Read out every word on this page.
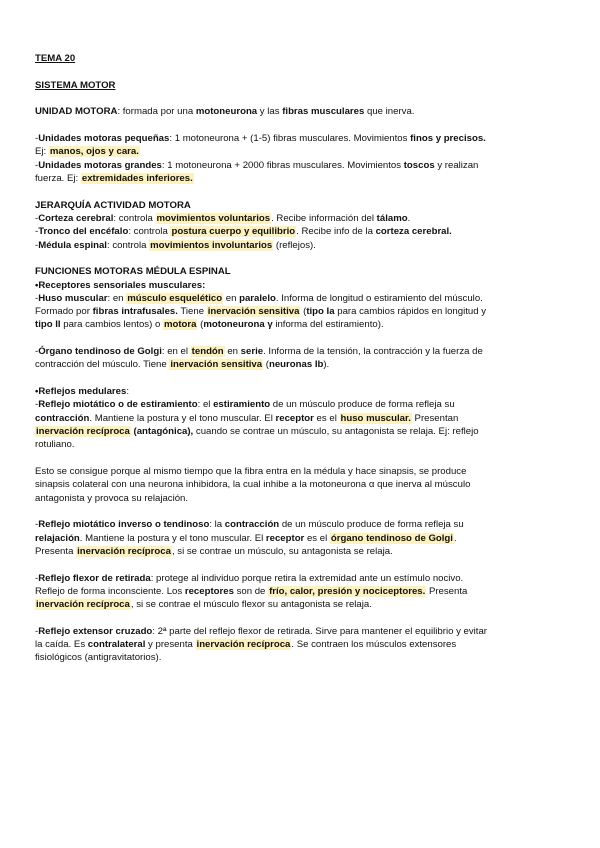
TEMA 20
SISTEMA MOTOR
UNIDAD MOTORA: formada por una motoneurona y las fibras musculares que inerva.
-Unidades motoras pequeñas: 1 motoneurona + (1-5) fibras musculares. Movimientos finos y precisos.
Ej: manos, ojos y cara.
-Unidades motoras grandes: 1 motoneurona + 2000 fibras musculares. Movimientos toscos y realizan
fuerza. Ej: extremidades inferiores.
JERARQUÍA ACTIVIDAD MOTORA
-Corteza cerebral: controla movimientos voluntarios. Recibe información del tálamo.
-Tronco del encéfalo: controla postura cuerpo y equilibrio. Recibe info de la corteza cerebral.
-Médula espinal: controla movimientos involuntarios (reflejos).
FUNCIONES MOTORAS MÉDULA ESPINAL
•Receptores sensoriales musculares:
-Huso muscular: en músculo esquelético en paralelo. Informa de longitud o estiramiento del músculo.
Formado por fibras intrafusales. Tiene inervación sensitiva (tipo Ia para cambios rápidos en longitud y
tipo II para cambios lentos) o motora (motoneurona γ informa del estiramiento).
-Órgano tendinoso de Golgi: en el tendón en serie. Informa de la tensión, la contracción y la fuerza de
contracción del músculo. Tiene inervación sensitiva (neuronas Ib).
•Reflejos medulares:
-Reflejo miotático o de estiramiento: el estiramiento de un músculo produce de forma refleja su
contracción. Mantiene la postura y el tono muscular. El receptor es el huso muscular. Presentan
inervación recíproca (antagónica), cuando se contrae un músculo, su antagonista se relaja. Ej: reflejo
rotuliano.
Esto se consigue porque al mismo tiempo que la fibra entra en la médula y hace sinapsis, se produce
sinapsis colateral con una neurona inhibidora, la cual inhibe a la motoneurona α que inerva al músculo
antagonista y provoca su relajación.
-Reflejo miotático inverso o tendinoso: la contracción de un músculo produce de forma refleja su
relajación. Mantiene la postura y el tono muscular. El receptor es el órgano tendinoso de Golgi.
Presenta inervación recíproca, si se contrae un músculo, su antagonista se relaja.
-Reflejo flexor de retirada: protege al individuo porque retira la extremidad ante un estímulo nocivo.
Reflejo de forma inconsciente. Los receptores son de frío, calor, presión y nociceptores. Presenta
inervación recíproca, si se contrae el músculo flexor su antagonista se relaja.
-Reflejo extensor cruzado: 2ª parte del reflejo flexor de retirada. Sirve para mantener el equilibrio y evitar
la caída. Es contralateral y presenta inervación recíproca. Se contraen los músculos extensores
fisiológicos (antigravitatorios).
